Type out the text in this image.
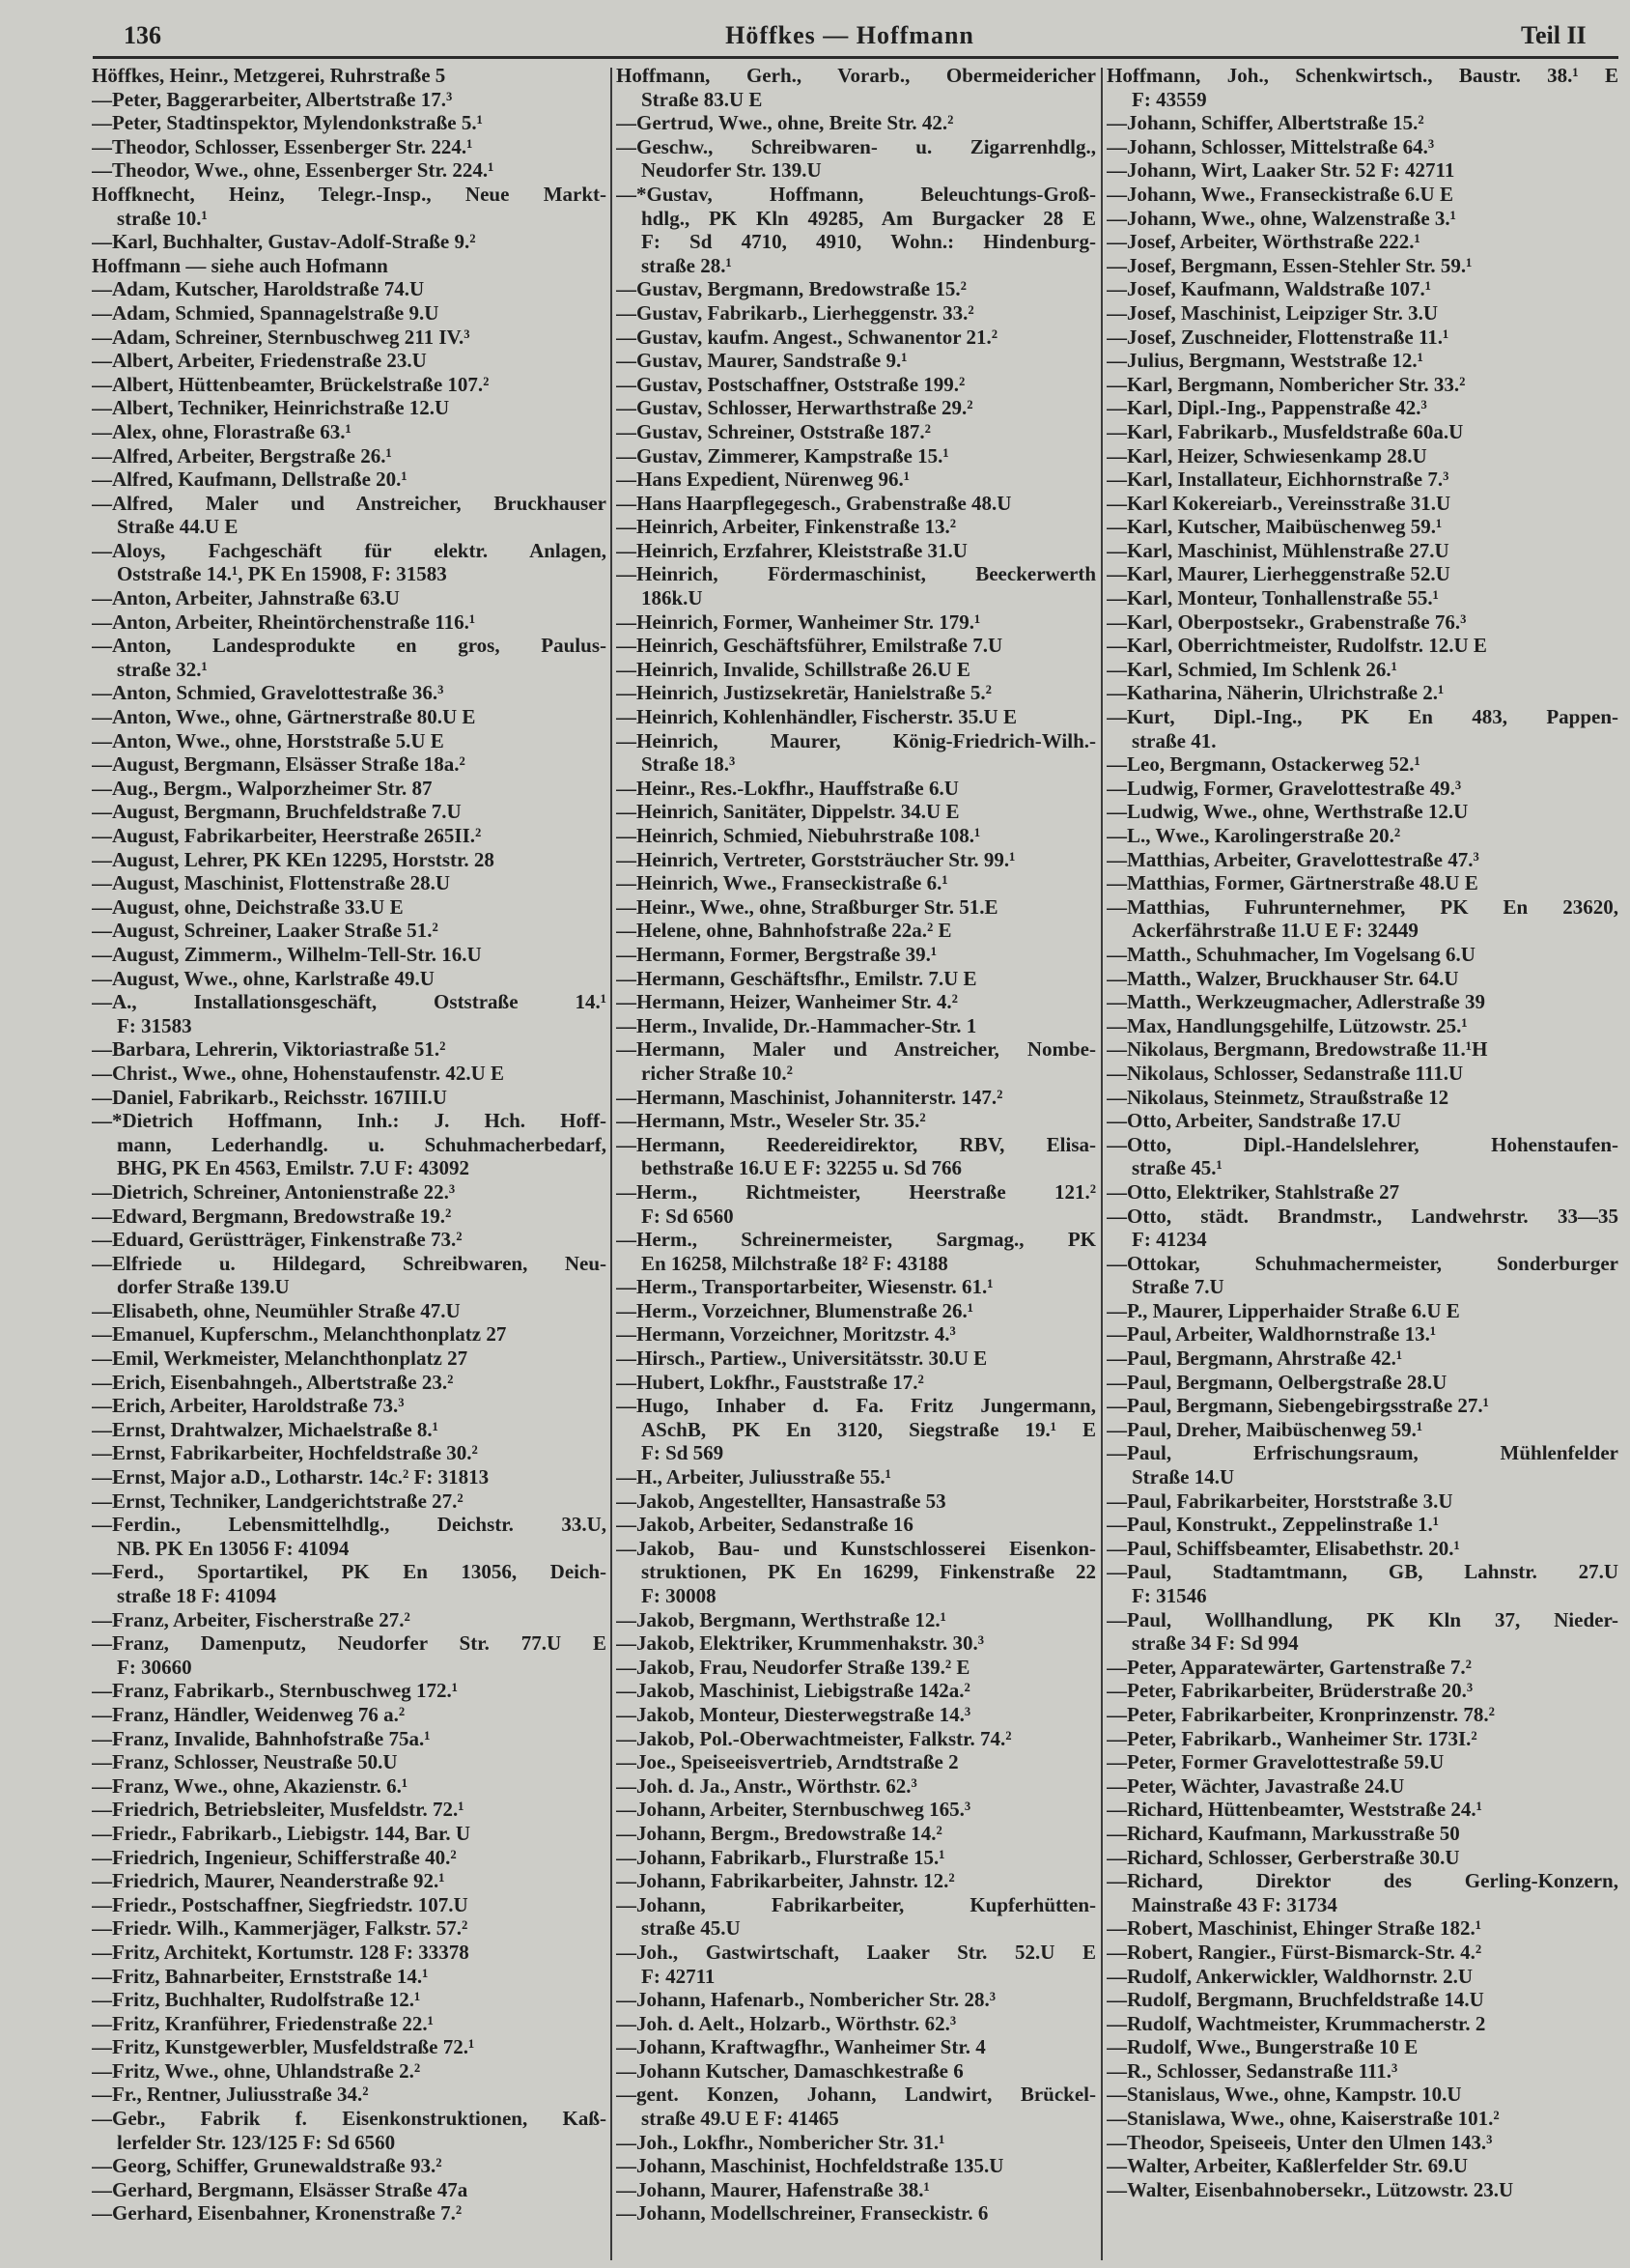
136	Höffkes — Hoffmann	Teil II
Höffkes, Heinr., Metzgerei, Ruhrstraße 5
—Peter, Baggerarbeiter, Albertstraße 17.³
—Peter, Stadtinspektor, Mylendonkstraße 5.¹
—Theodor, Schlosser, Essenberger Str. 224.¹
—Theodor, Wwe., ohne, Essenberger Str. 224.¹
Hoffknecht, Heinz, Telegr.-Insp., Neue Markt-
straße 10.¹
—Karl, Buchhalter, Gustav-Adolf-Straße 9.²
Hoffmann — siehe auch Hofmann
—Adam, Kutscher, Haroldstraße 74.U
—Adam, Schmied, Spannagelstraße 9.U
—Adam, Schreiner, Sternbuschweg 211 IV.³
—Albert, Arbeiter, Friedenstraße 23.U
—Albert, Hüttenbeamter, Brückelstraße 107.²
—Albert, Techniker, Heinrichstraße 12.U
—Alex, ohne, Florastraße 63.¹
—Alfred, Arbeiter, Bergstraße 26.¹
—Alfred, Kaufmann, Dellstraße 20.¹
—Alfred, Maler und Anstreicher, Bruckhauser
Straße 44.U E
—Aloys, Fachgeschäft für elektr. Anlagen,
Oststraße 14.¹, PK En 15908, F: 31583
—Anton, Arbeiter, Jahnstraße 63.U
—Anton, Arbeiter, Rheintörchenstraße 116.¹
—Anton, Landesprodukte en gros, Paulus-
straße 32.¹
—Anton, Schmied, Gravelottestraße 36.³
—Anton, Wwe., ohne, Gärtnerstraße 80.U E
—Anton, Wwe., ohne, Horststraße 5.U E
—August, Bergmann, Elsässer Straße 18a.²
—Aug., Bergm., Walporzheimer Str. 87
—August, Bergmann, Bruchfeldstraße 7.U
—August, Fabrikarbeiter, Heerstraße 265II.²
—August, Lehrer, PK KEn 12295, Horststr. 28
—August, Maschinist, Flottenstraße 28.U
—August, ohne, Deichstraße 33.U E
—August, Schreiner, Laaker Straße 51.²
—August, Zimmerm., Wilhelm-Tell-Str. 16.U
—August, Wwe., ohne, Karlstraße 49.U
—A., Installationsgeschäft, Oststraße 14.¹
F: 31583
—Barbara, Lehrerin, Viktoriastraße 51.²
—Christ., Wwe., ohne, Hohenstaufenstr. 42.U E
—Daniel, Fabrikarb., Reichsstr. 167III.U
—*Dietrich Hoffmann, Inh.: J. Hch. Hoff-
mann, Lederhandlg. u. Schuhmacherbedarf,
BHG, PK En 4563, Emilstr. 7.U F: 43092
—Dietrich, Schreiner, Antonienstraße 22.³
—Edward, Bergmann, Bredowstraße 19.²
—Eduard, Gerüstträger, Finkenstraße 73.²
—Elfriede u. Hildegard, Schreibwaren, Neu-
dorfer Straße 139.U
—Elisabeth, ohne, Neumühler Straße 47.U
—Emanuel, Kupferschm., Melanchthonplatz 27
—Emil, Werkmeister, Melanchthonplatz 27
—Erich, Eisenbahngeh., Albertstraße 23.²
—Erich, Arbeiter, Haroldstraße 73.³
—Ernst, Drahtwalzer, Michaelstraße 8.¹
—Ernst, Fabrikarbeiter, Hochfeldstraße 30.²
—Ernst, Major a.D., Lotharstr. 14c.² F: 31813
—Ernst, Techniker, Landgerichtstraße 27.²
—Ferdin., Lebensmittelhdlg., Deichstr. 33.U,
NB. PK En 13056 F: 41094
—Ferd., Sportartikel, PK En 13056, Deich-
straße 18 F: 41094
—Franz, Arbeiter, Fischerstraße 27.²
—Franz, Damenputz, Neudorfer Str. 77.U E
F: 30660
—Franz, Fabrikarb., Sternbuschweg 172.¹
—Franz, Händler, Weidenweg 76 a.²
—Franz, Invalide, Bahnhofstraße 75a.¹
—Franz, Schlosser, Neustraße 50.U
—Franz, Wwe., ohne, Akazienstr. 6.¹
—Friedrich, Betriebsleiter, Musfeldstr. 72.¹
—Friedr., Fabrikarb., Liebigstr. 144, Bar. U
—Friedrich, Ingenieur, Schifferstraße 40.²
—Friedrich, Maurer, Neanderstraße 92.¹
—Friedr., Postschaffner, Siegfriedstr. 107.U
—Friedr. Wilh., Kammerjäger, Falkstr. 57.²
—Fritz, Architekt, Kortumstr. 128 F: 33378
—Fritz, Bahnarbeiter, Ernststraße 14.¹
—Fritz, Buchhalter, Rudolfstraße 12.¹
—Fritz, Kranführer, Friedenstraße 22.¹
—Fritz, Kunstgewerbler, Musfeldstraße 72.¹
—Fritz, Wwe., ohne, Uhlandstraße 2.²
—Fr., Rentner, Juliusstraße 34.²
—Gebr., Fabrik f. Eisenkonstruktionen, Kaß-
lerfelder Str. 123/125 F: Sd 6560
—Georg, Schiffer, Grunewaldstraße 93.²
—Gerhard, Bergmann, Elsässer Straße 47a
—Gerhard, Eisenbahner, Kronenstraße 7.²
Hoffmann, Gerh., Vorarb., Obermeidericher
Straße 83.U E
—Gertrud, Wwe., ohne, Breite Str. 42.²
—Geschw., Schreibwaren- u. Zigarrenhdlg.,
Neudorfer Str. 139.U
—*Gustav, Hoffmann, Beleuchtungs-Groß-
hdlg., PK Kln 49285, Am Burgacker 28 E
F: Sd 4710, 4910, Wohn.: Hindenburg-
straße 28.¹
—Gustav, Bergmann, Bredowstraße 15.²
—Gustav, Fabrikarb., Lierheggenstr. 33.²
—Gustav, kaufm. Angest., Schwanentor 21.²
—Gustav, Maurer, Sandstraße 9.¹
—Gustav, Postschaffner, Oststraße 199.²
—Gustav, Schlosser, Herwarthstraße 29.²
—Gustav, Schreiner, Oststraße 187.²
—Gustav, Zimmerer, Kampstraße 15.¹
—Hans Expedient, Nürenweg 96.¹
—Hans Haarpflegegesch., Grabenstraße 48.U
—Heinrich, Arbeiter, Finkenstraße 13.²
—Heinrich, Erzfahrer, Kleiststraße 31.U
—Heinrich, Fördermaschinist, Beeckerwerth
186k.U
—Heinrich, Former, Wanheimer Str. 179.¹
—Heinrich, Geschäftsführer, Emilstraße 7.U
—Heinrich, Invalide, Schillstraße 26.U E
—Heinrich, Justizsekretär, Hanielstraße 5.²
—Heinrich, Kohlenhändler, Fischerstr. 35.U E
—Heinrich, Maurer, König-Friedrich-Wilh.-
Straße 18.³
—Heinr., Res.-Lokfhr., Hauffstraße 6.U
—Heinrich, Sanitäter, Dippelstr. 34.U E
—Heinrich, Schmied, Niebuhrstraße 108.¹
—Heinrich, Vertreter, Gorststräucher Str. 99.¹
—Heinrich, Wwe., Franseckistraße 6.¹
—Heinr., Wwe., ohne, Straßburger Str. 51.E
—Helene, ohne, Bahnhofstraße 22a.² E
—Hermann, Former, Bergstraße 39.¹
—Hermann, Geschäftsfhr., Emilstr. 7.U E
—Hermann, Heizer, Wanheimer Str. 4.²
—Herm., Invalide, Dr.-Hammacher-Str. 1
—Hermann, Maler und Anstreicher, Nombe-
richer Straße 10.²
—Hermann, Maschinist, Johanniterstr. 147.²
—Hermann, Mstr., Weseler Str. 35.²
—Hermann, Reedereidirektor, RBV, Elisa-
bethstraße 16.U E F: 32255 u. Sd 766
—Herm., Richtmeister, Heerstraße 121.²
F: Sd 6560
—Herm., Schreinermeister, Sargmag., PK
En 16258, Milchstraße 18² F: 43188
—Herm., Transportarbeiter, Wiesenstr. 61.¹
—Herm., Vorzeichner, Blumenstraße 26.¹
—Hermann, Vorzeichner, Moritzstr. 4.³
—Hirsch., Partiew., Universitätsstr. 30.U E
—Hubert, Lokfhr., Fauststraße 17.²
—Hugo, Inhaber d. Fa. Fritz Jungermann,
ASchB, PK En 3120, Siegstraße 19.¹ E
F: Sd 569
—H., Arbeiter, Juliusstraße 55.¹
—Jakob, Angestellter, Hansastraße 53
—Jakob, Arbeiter, Sedanstraße 16
—Jakob, Bau- und Kunstschlosserei Eisenkon-
struktionen, PK En 16299, Finkenstraße 22
F: 30008
—Jakob, Bergmann, Werthstraße 12.¹
—Jakob, Elektriker, Krummenhakstr. 30.³
—Jakob, Frau, Neudorfer Straße 139.² E
—Jakob, Maschinist, Liebigstraße 142a.²
—Jakob, Monteur, Diesterwegstraße 14.³
—Jakob, Pol.-Oberwachtmeister, Falkstr. 74.²
—Joe., Speiseeisvertrieb, Arndtstraße 2
—Joh. d. Ja., Anstr., Wörthstr. 62.³
—Johann, Arbeiter, Sternbuschweg 165.³
—Johann, Bergm., Bredowstraße 14.²
—Johann, Fabrikarb., Flurstraße 15.¹
—Johann, Fabrikarbeiter, Jahnstr. 12.²
—Johann, Fabrikarbeiter, Kupferhütten-
straße 45.U
—Joh., Gastwirtschaft, Laaker Str. 52.U E
F: 42711
—Johann, Hafenarb., Nombericher Str. 28.³
—Joh. d. Aelt., Holzarb., Wörthstr. 62.³
—Johann, Kraftwagfhr., Wanheimer Str. 4
—Johann Kutscher, Damaschkestraße 6
—gent. Konzen, Johann, Landwirt, Brückel-
straße 49.U E F: 41465
—Joh., Lokfhr., Nombericher Str. 31.¹
—Johann, Maschinist, Hochfeldstraße 135.U
—Johann, Maurer, Hafenstraße 38.¹
—Johann, Modellschreiner, Franseckistr. 6
Hoffmann, Joh., Schenkwirtsch., Baustr. 38.¹ E
F: 43559
—Johann, Schiffer, Albertstraße 15.²
—Johann, Schlosser, Mittelstraße 64.³
—Johann, Wirt, Laaker Str. 52 F: 42711
—Johann, Wwe., Franseckistraße 6.U E
—Johann, Wwe., ohne, Walzenstraße 3.¹
—Josef, Arbeiter, Wörthstraße 222.¹
—Josef, Bergmann, Essen-Stehler Str. 59.¹
—Josef, Kaufmann, Waldstraße 107.¹
—Josef, Maschinist, Leipziger Str. 3.U
—Josef, Zuschneider, Flottenstraße 11.¹
—Julius, Bergmann, Weststraße 12.¹
—Karl, Bergmann, Nombericher Str. 33.²
—Karl, Dipl.-Ing., Pappenstraße 42.³
—Karl, Fabrikarb., Musfeldstraße 60a.U
—Karl, Heizer, Schwiesenkamp 28.U
—Karl, Installateur, Eichhornstraße 7.³
—Karl Kokereiarb., Vereinsstraße 31.U
—Karl, Kutscher, Maibüschenweg 59.¹
—Karl, Maschinist, Mühlenstraße 27.U
—Karl, Maurer, Lierheggenstraße 52.U
—Karl, Monteur, Tonhallenstraße 55.¹
—Karl, Oberpostsekr., Grabenstraße 76.³
—Karl, Oberrichtmeister, Rudolfstr. 12.U E
—Karl, Schmied, Im Schlenk 26.¹
—Katharina, Näherin, Ulrichstraße 2.¹
—Kurt, Dipl.-Ing., PK En 483, Pappen-
straße 41.
—Leo, Bergmann, Ostackerweg 52.¹
—Ludwig, Former, Gravelottestraße 49.³
—Ludwig, Wwe., ohne, Werthstraße 12.U
—L., Wwe., Karolingerstraße 20.²
—Matthias, Arbeiter, Gravelottestraße 47.³
—Matthias, Former, Gärtnerstraße 48.U E
—Matthias, Fuhrunternehmer, PK En 23620,
Ackerfährstraße 11.U E F: 32449
—Matth., Schuhmacher, Im Vogelsang 6.U
—Matth., Walzer, Bruckhauser Str. 64.U
—Matth., Werkzeugmacher, Adlerstraße 39
—Max, Handlungsgehilfe, Lützowstr. 25.¹
—Nikolaus, Bergmann, Bredowstraße 11.¹H
—Nikolaus, Schlosser, Sedanstraße 111.U
—Nikolaus, Steinmetz, Straußstraße 12
—Otto, Arbeiter, Sandstraße 17.U
—Otto, Dipl.-Handelslehrer, Hohenstaufen-
straße 45.¹
—Otto, Elektriker, Stahlstraße 27
—Otto, städt. Brandmstr., Landwehrstr. 33—35
F: 41234
—Ottokar, Schuhmachermeister, Sonderburger
Straße 7.U
—P., Maurer, Lipperhaider Straße 6.U E
—Paul, Arbeiter, Waldhornstraße 13.¹
—Paul, Bergmann, Ahrstraße 42.¹
—Paul, Bergmann, Oelbergstraße 28.U
—Paul, Bergmann, Siebengebirgsstraße 27.¹
—Paul, Dreher, Maibüschenweg 59.¹
—Paul, Erfrischungsraum, Mühlenfelder
Straße 14.U
—Paul, Fabrikarbeiter, Horststraße 3.U
—Paul, Konstrukt., Zeppelinstraße 1.¹
—Paul, Schiffsbeamter, Elisabethstr. 20.¹
—Paul, Stadtamtmann, GB, Lahnstr. 27.U
F: 31546
—Paul, Wollhandlung, PK Kln 37, Nieder-
straße 34 F: Sd 994
—Peter, Apparatewärter, Gartenstraße 7.²
—Peter, Fabrikarbeiter, Brüderstraße 20.³
—Peter, Fabrikarbeiter, Kronprinzenstr. 78.²
—Peter, Fabrikarb., Wanheimer Str. 173I.²
—Peter, Former Gravelottestraße 59.U
—Peter, Wächter, Javastraße 24.U
—Richard, Hüttenbeamter, Weststraße 24.¹
—Richard, Kaufmann, Markusstraße 50
—Richard, Schlosser, Gerberstraße 30.U
—Richard, Direktor des Gerling-Konzern,
Mainstraße 43 F: 31734
—Robert, Maschinist, Ehinger Straße 182.¹
—Robert, Rangier., Fürst-Bismarck-Str. 4.²
—Rudolf, Ankerwickler, Waldhornstr. 2.U
—Rudolf, Bergmann, Bruchfeldstraße 14.U
—Rudolf, Wachtmeister, Krummacherstr. 2
—Rudolf, Wwe., Bungerstraße 10 E
—R., Schlosser, Sedanstraße 111.³
—Stanislaus, Wwe., ohne, Kampstr. 10.U
—Stanislawa, Wwe., ohne, Kaiserstraße 101.²
—Theodor, Speiseeis, Unter den Ulmen 143.³
—Walter, Arbeiter, Kaßlerfelder Str. 69.U
—Walter, Eisenbahnobersekr., Lützowstr. 23.U
